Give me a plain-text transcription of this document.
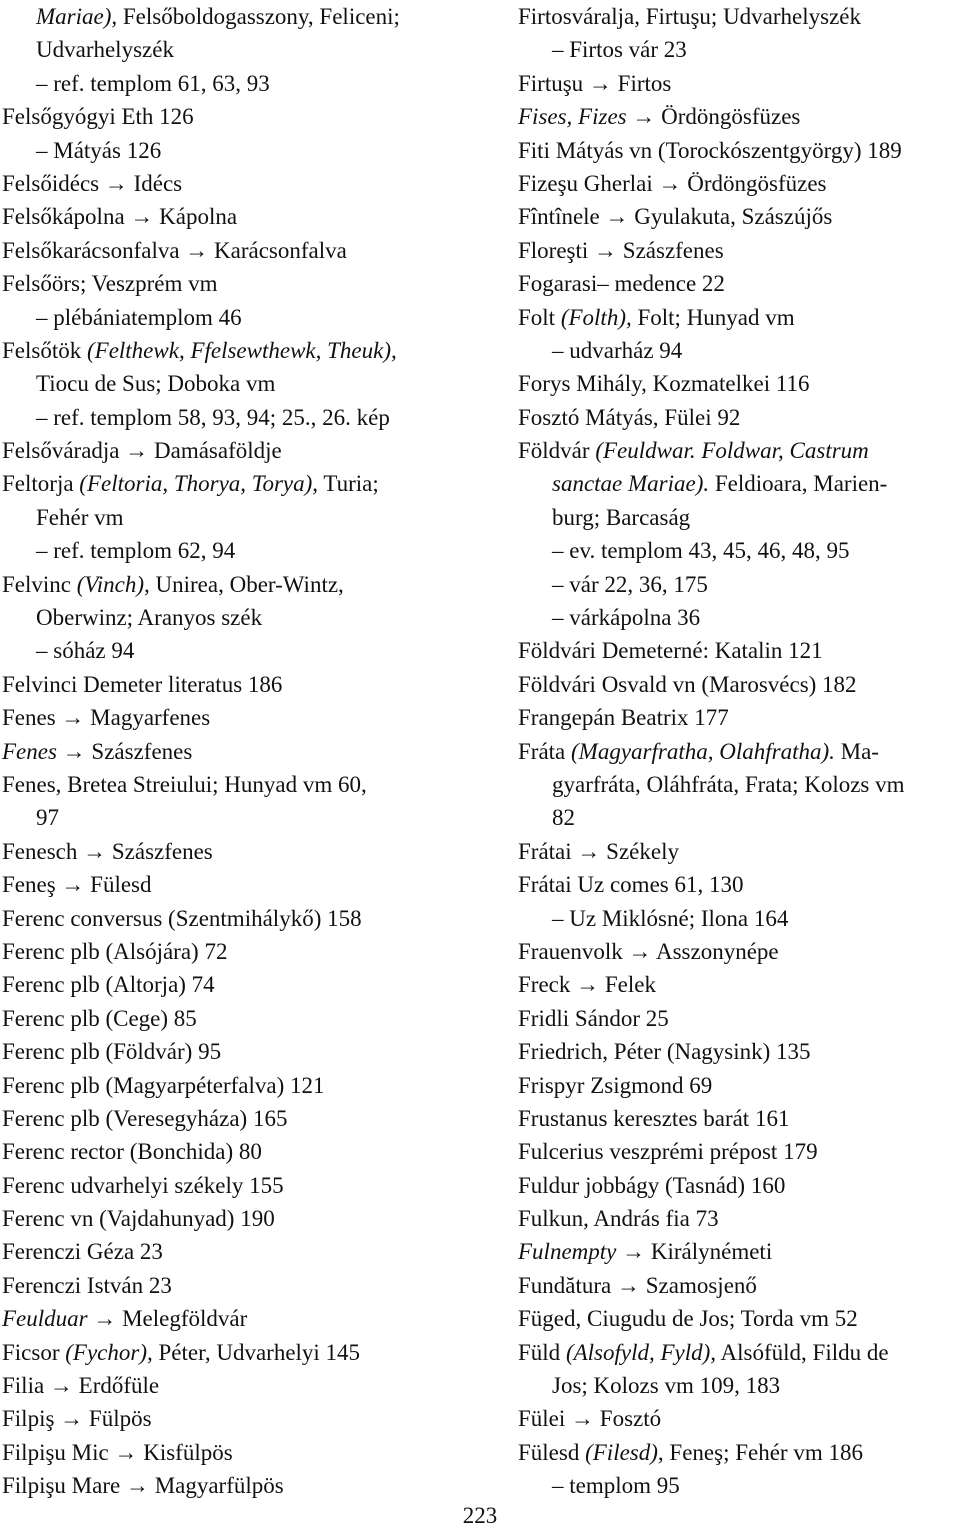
Mariae), Felsőboldogasszony, Feliceni;
Udvarhelyszék
– ref. templom 61, 63, 93
Felsőgyógyi Eth 126
– Mátyás 126
Felsőidécs → Idécs
Felsőkápolna → Kápolna
Felsőkarácsonfalva → Karácsonfalva
Felsőörs; Veszprém vm
– plébániatemplom 46
Felsőtök (Felthewk, Ffelsewthewk, Theuk),
Tiocu de Sus; Doboka vm
– ref. templom 58, 93, 94; 25., 26. kép
Felsőváradja → Damásaföldje
Feltorja (Feltoria, Thorya, Torya), Turia;
Fehér vm
– ref. templom 62, 94
Felvinc (Vinch), Unirea, Ober-Wintz,
Oberwinz; Aranyos szék
– sóház 94
Felvinci Demeter literatus 186
Fenes → Magyarfenes
Fenes → Szászfenes
Fenes, Bretea Streiului; Hunyad vm 60,
97
Fenesch → Szászfenes
Feneş → Fülesd
Ferenc conversus (Szentmihálykő) 158
Ferenc plb (Alsójára) 72
Ferenc plb (Altorja) 74
Ferenc plb (Cege) 85
Ferenc plb (Földvár) 95
Ferenc plb (Magyarpéterfalva) 121
Ferenc plb (Veresegyháza) 165
Ferenc rector (Bonchida) 80
Ferenc udvarhelyi székely 155
Ferenc vn (Vajdahunyad) 190
Ferenczi Géza 23
Ferenczi István 23
Feulduar → Melegföldvár
Ficsor (Fychor), Péter, Udvarhelyi 145
Filia → Erdőfüle
Filpiş → Fülpös
Filpişu Mic → Kisfülpös
Filpişu Mare → Magyarfülpös
Firtosváralja, Firtuşu; Udvarhelyszék
– Firtos vár 23
Firtuşu → Firtos
Fises, Fizes → Ördöngösfüzes
Fiti Mátyás vn (Torockószentgyörgy) 189
Fizeşu Gherlai → Ördöngösfüzes
Fîntînele → Gyulakuta, Szászújős
Floreşti → Szászfenes
Fogarasi– medence 22
Folt (Folth), Folt; Hunyad vm
– udvarház 94
Forys Mihály, Kozmatelkei 116
Fosztó Mátyás, Fülei 92
Földvár (Feuldwar. Foldwar, Castrum
sanctae Mariae). Feldioara, Marien-
burg; Barcaság
– ev. templom 43, 45, 46, 48, 95
– vár 22, 36, 175
– várkápolna 36
Földvári Demeterné: Katalin 121
Földvári Osvald vn (Marosvécs) 182
Frangepán Beatrix 177
Fráta (Magyarfratha, Olahfratha). Ma-
gyarfráta, Oláhfráta, Frata; Kolozs vm
82
Frátai → Székely
Frátai Uz comes 61, 130
– Uz Miklósné; Ilona 164
Frauenvolk → Asszonynépe
Freck → Felek
Fridli Sándor 25
Friedrich, Péter (Nagysink) 135
Frispyr Zsigmond 69
Frustanus keresztes barát 161
Fulcerius veszprémi prépost 179
Fuldur jobbágy (Tasnád) 160
Fulkun, András fia 73
Fulnempty → Királynémeti
Fundătura → Szamosjenő
Füged, Ciugudu de Jos; Torda vm 52
Füld (Alsofyld, Fyld), Alsófüld, Fildu de
Jos; Kolozs vm 109, 183
Fülei → Fosztó
Fülesd (Filesd), Feneş; Fehér vm 186
– templom 95
223
